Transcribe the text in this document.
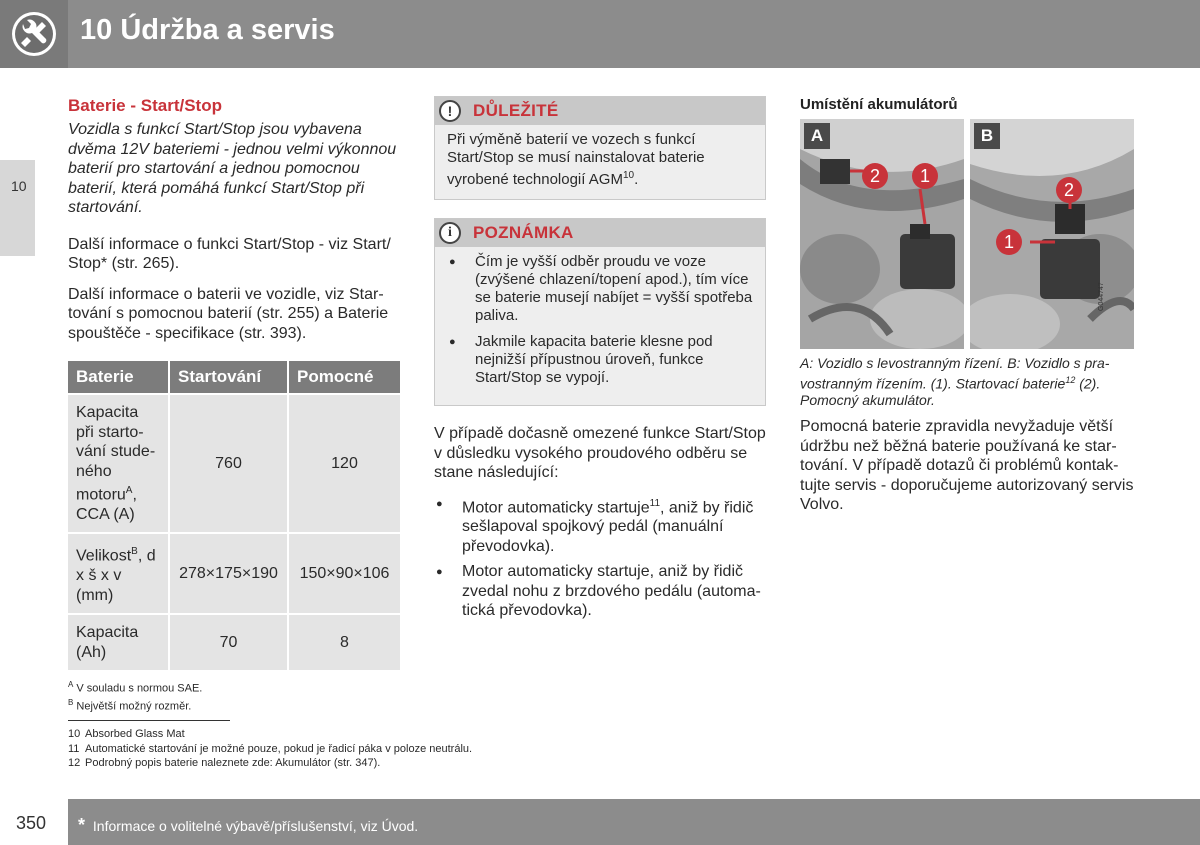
10 Údržba a servis
10
Baterie - Start/Stop
Vozidla s funkcí Start/Stop jsou vybavena dvěma 12V bateriemi - jednou velmi výkonnou baterií pro startování a jednou pomocnou baterií, která pomáhá funkcí Start/Stop při startování.
Další informace o funkci Start/Stop - viz Start/ Stop* (str. 265).
Další informace o baterii ve vozidle, viz Star- tování s pomocnou baterií (str. 255) a Baterie spouštěče - specifikace (str. 393).
Baterie	Startování	Pomocné
Kapacita při starto- vání stude- ného motoru$^A$, CCA (A)	760	120
Velikost$^B$, d x š x v (mm)	278×175×190	150×90×106
Kapacita (Ah)	70	8
$^A$ V souladu s normou SAE.
$^B$ Největší možný rozměr.
!	DŮLEŽITÉ
Při výměně baterií ve vozech s funkcí Start/Stop se musí nainstalovat baterie vyrobené technologií AGM$^{10}$.
i	POZNÁMKA
● Čím je vyšší odběr proudu ve voze (zvýšené chlazení/topení apod.), tím více se baterie musejí nabíjet = vyšší spotřeba paliva.
● Jakmile kapacita baterie klesne pod nejnižší přípustnou úroveň, funkce Start/Stop se vypojí.
V případě dočasně omezené funkce Start/Stop v důsledku vysokého proudového odběru se stane následující:
● Motor automaticky startuje$^{11}$, aniž by řidič sešlapoval spojkový pedál (manuální převodovka).
● Motor automaticky startuje, aniž by řidič zvedal nohu z brzdového pedálu (automa- tická převodovka).
Umístění akumulátorů
A
2	1
B
2
1
G044747
A: Vozidlo s levostranným řízení. B: Vozidlo s pra- vostranným řízením. (1). Startovací baterie$^{12}$ (2). Pomocný akumulátor.
Pomocná baterie zpravidla nevyžaduje větší údržbu než běžná baterie používaná ke star- tování. V případě dotazů či problémů kontak- tujte servis - doporučujeme autorizovaný servis Volvo.
10 Absorbed Glass Mat
11 Automatické startování je možné pouze, pokud je řadicí páka v poloze neutrálu.
12 Podrobný popis baterie naleznete zde: Akumulátor (str. 347).
350	* Informace o volitelné výbavě/příslušenství, viz Úvod.
